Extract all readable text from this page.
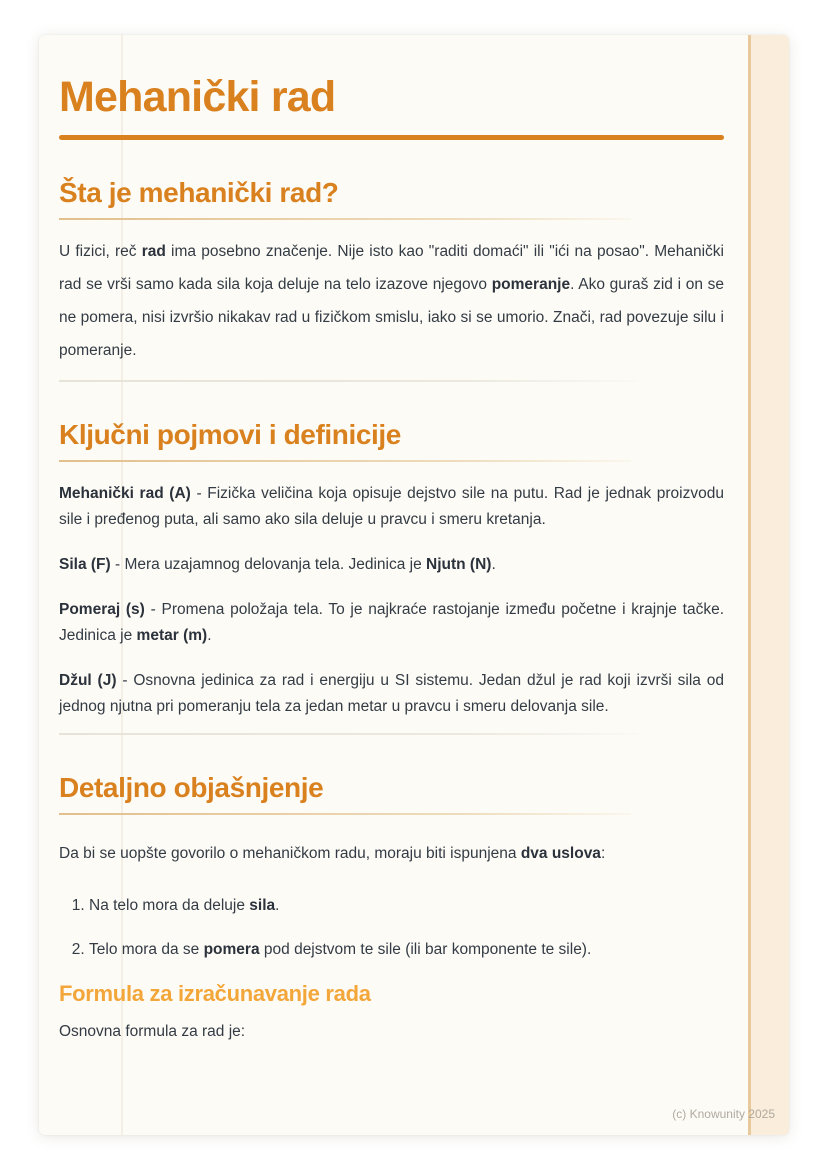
Mehanički rad
Šta je mehanički rad?

U fizici, reč rad ima posebno značenje. Nije isto kao "raditi domaći" ili "ići na posao". Mehanički rad se vrši samo kada sila koja deluje na telo izazove njegovo pomeranje. Ako guraš zid i on se ne pomera, nisi izvršio nikakav rad u fizičkom smislu, iako si se umorio. Znači, rad povezuje silu i pomeranje.

Ključni pojmovi i definicije

Mehanički rad (A) - Fizička veličina koja opisuje dejstvo sile na putu. Rad je jednak proizvodu sile i pređenog puta, ali samo ako sila deluje u pravcu i smeru kretanja.

Sila (F) - Mera uzajamnog delovanja tela. Jedinica je Njutn (N).

Pomeraj (s) - Promena položaja tela. To je najkraće rastojanje između početne i krajnje tačke. Jedinica je metar (m).

Džul (J) - Osnovna jedinica za rad i energiju u SI sistemu. Jedan džul je rad koji izvrši sila od jednog njutna pri pomeranju tela za jedan metar u pravcu i smeru delovanja sile.

Detaljno objašnjenje

Da bi se uopšte govorilo o mehaničkom radu, moraju biti ispunjena dva uslova:

1. Na telo mora da deluje sila.
2. Telo mora da se pomera pod dejstvom te sile (ili bar komponente te sile).
Formula za izračunavanje rada

Osnovna formula za rad je:

(c) Knowunity 2025
